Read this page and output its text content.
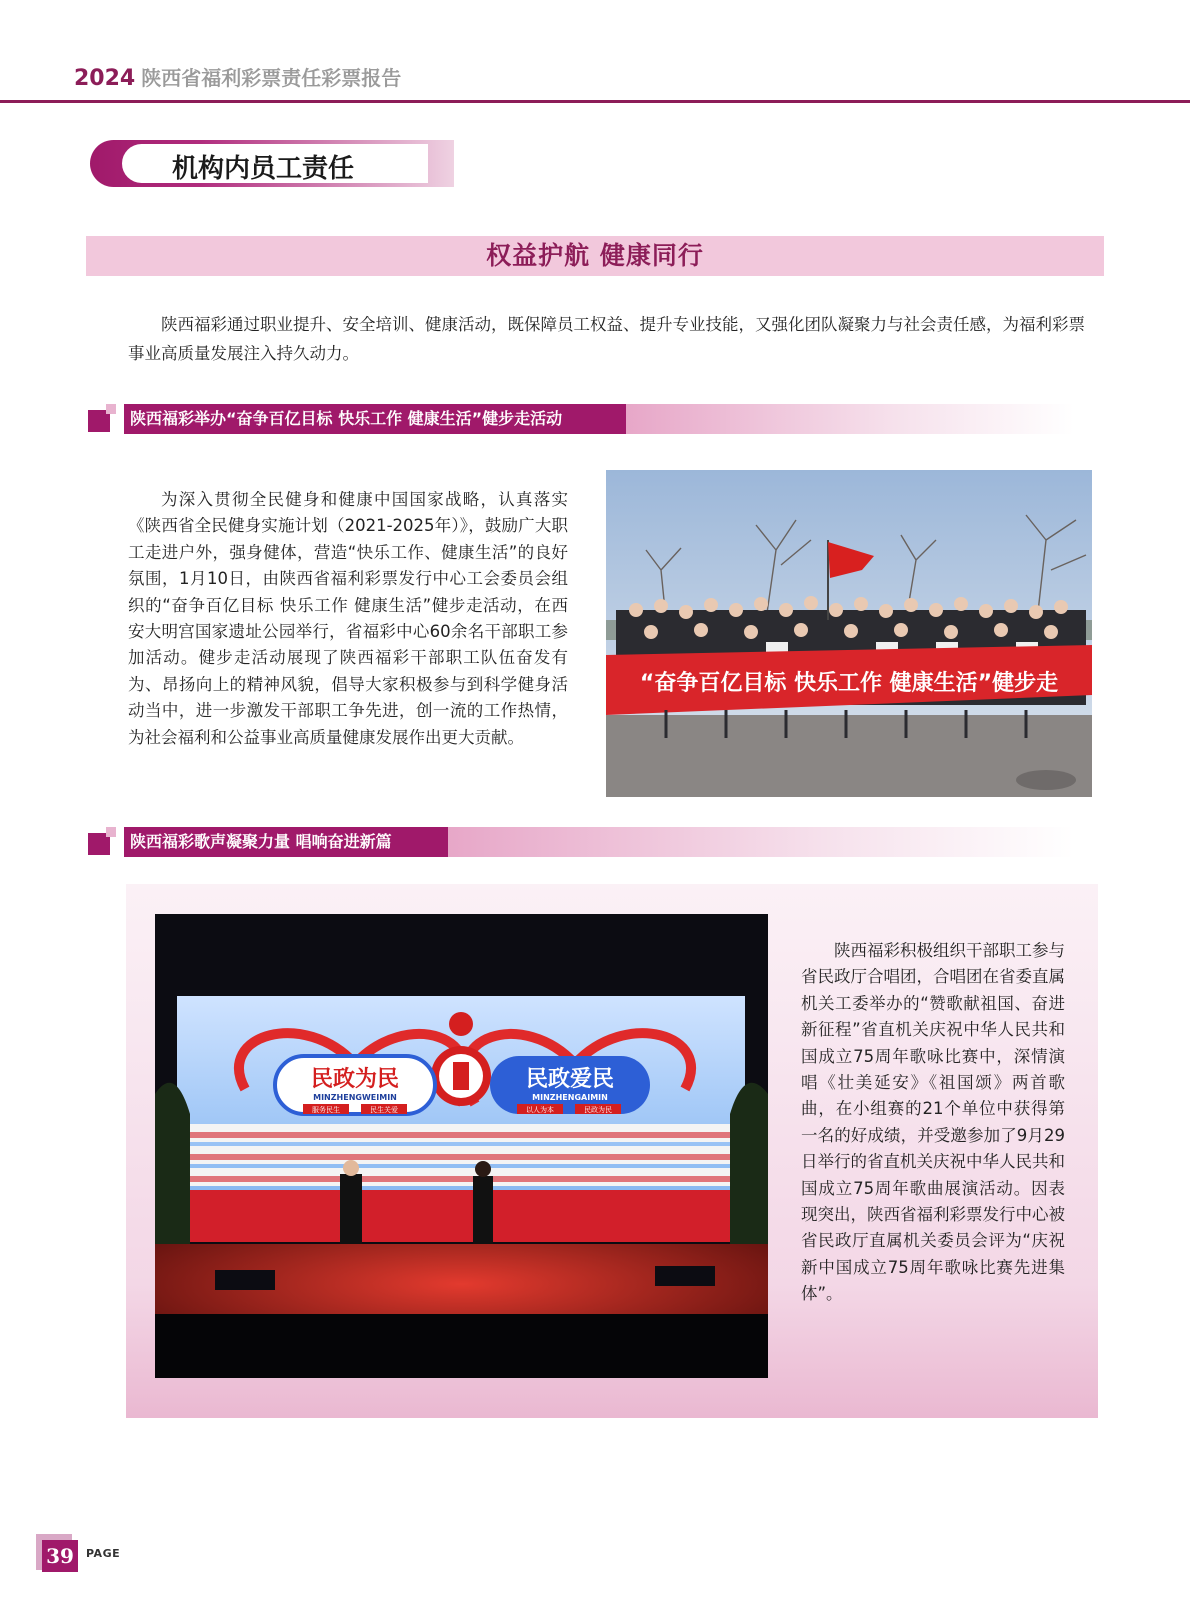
2024 陕西省福利彩票责任彩票报告
机构内员工责任
权益护航 健康同行

陕西福彩通过职业提升、安全培训、健康活动，既保障员工权益、提升专业技能，又强化团队凝聚力与社会责任感，为福利彩票事业高质量发展注入持久动力。

陕西福彩举办“奋争百亿目标 快乐工作 健康生活”健步走活动

为深入贯彻全民健身和健康中国国家战略，认真落实《陕西省全民健身实施计划（2021-2025年）》，鼓励广大职工走进户外，强身健体，营造“快乐工作、健康生活”的良好氛围，1月10日，由陕西省福利彩票发行中心工会委员会组织的“奋争百亿目标 快乐工作 健康生活”健步走活动，在西安大明宫国家遗址公园举行，省福彩中心60余名干部职工参加活动。健步走活动展现了陕西福彩干部职工队伍奋发有为、昂扬向上的精神风貌，倡导大家积极参与到科学健身活动当中，进一步激发干部职工争先进，创一流的工作热情，为社会福利和公益事业高质量健康发展作出更大贡献。

“奋争百亿目标 快乐工作 健康生活”健步走
陕西福彩歌声凝聚力量 唱响奋进新篇
民政为民
MINZHENGWEIMIN
服务民生	民生关爱
民政爱民
MINZHENGAIMIN
以人为本	民政为民

陕西福彩积极组织干部职工参与省民政厅合唱团，合唱团在省委直属机关工委举办的“赞歌献祖国、奋进新征程”省直机关庆祝中华人民共和国成立75周年歌咏比赛中，深情演唱《壮美延安》《祖国颂》两首歌曲，在小组赛的21个单位中获得第一名的好成绩，并受邀参加了9月29日举行的省直机关庆祝中华人民共和国成立75周年歌曲展演活动。因表现突出，陕西省福利彩票发行中心被省民政厅直属机关委员会评为“庆祝新中国成立75周年歌咏比赛先进集体”。

39	PAGE
